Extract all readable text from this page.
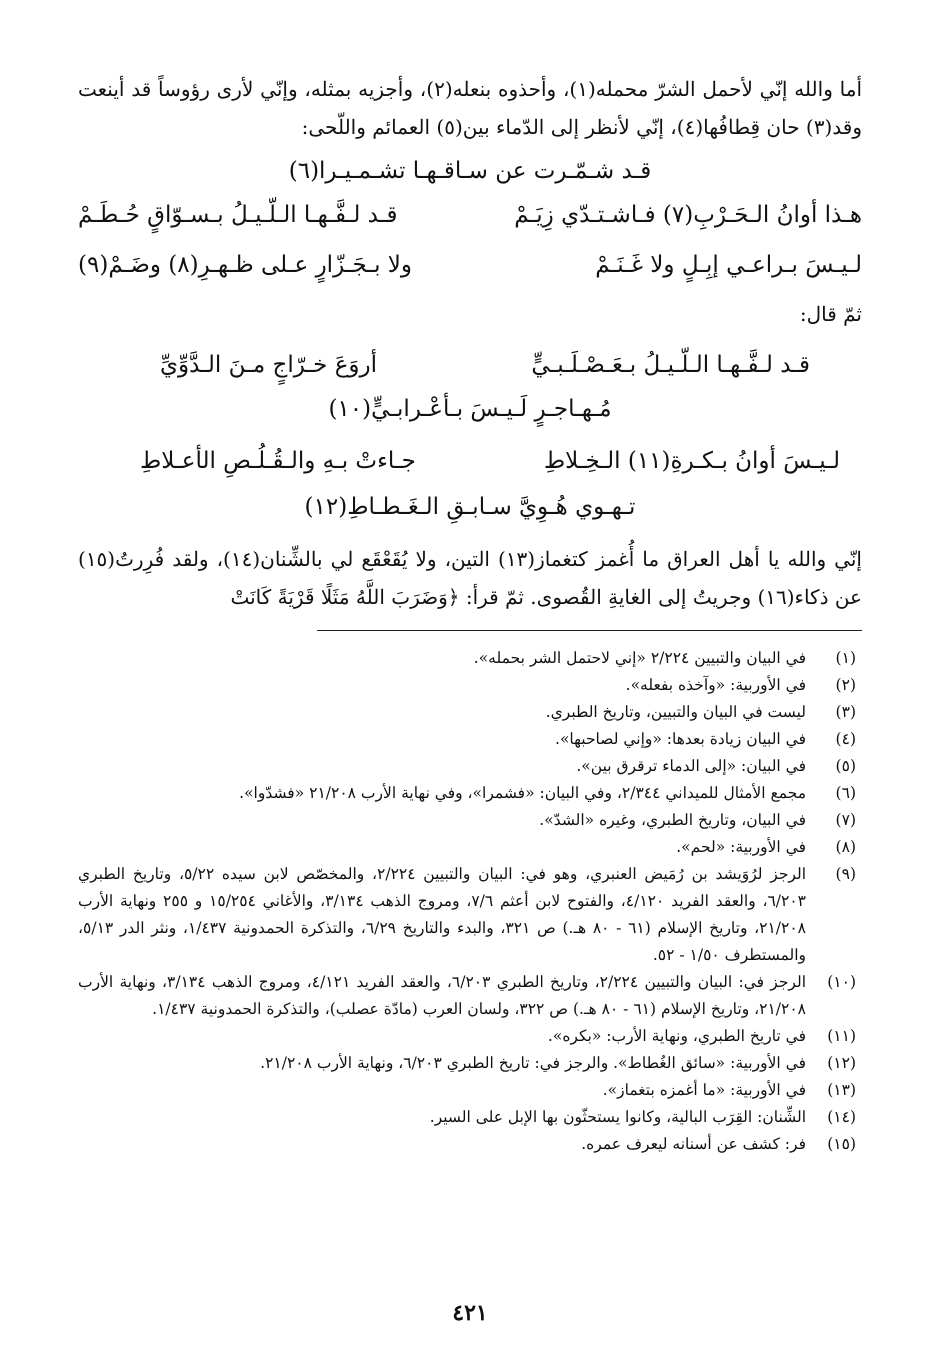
أما والله إنّي لأحمل الشرّ محمله(١)، وأحذوه بنعله(٢)، وأجزيه بمثله، وإنّي لأرى رؤوساً قد أينعت وقد(٣) حان قِطافُها(٤)، إنّي لأنظر إلى الدّماء بين(٥) العمائم واللّحى:
قـد شـمّـرت عن سـاقـهـا تشـمـيـرا(٦)
هـذا أوانُ الـحَـرْبِ(٧) فـاشـتـدّي زِيَـمْ
قـد لـفَّـهـا الـلّـيـلُ بـسـوّاقٍ حُـطَـمْ
لـيـسَ بـراعـي إبِـلٍ ولا غَـنَـمْ
ولا بـجَـزّارٍ عـلى ظـهـرِ(٨) وضَـمْ(٩)
ثمّ قال:
قـد لـفَّـهـا الـلّـيـلُ بـعَـصْـلَـبـيٍّ
أروَعَ خـرّاجٍ مـنَ الـدَّوِّيِّ
مُـهـاجـرٍ لَـيـسَ بـأعْـرابـيٍّ(١٠)
لـيـسَ أوانُ بـكـرةِ(١١) الـخِـلاطِ
جـاءتْ بـهِ والـقُـلُـصِ الأعـلاطِ
تـهـوي هُـوِيَّ سـابـقِ الـغَـطـاطِ(١٢)
إنّي والله يا أهل العراق ما أُغمز كتغماز(١٣) التين، ولا يُقَعْقَع لي بالشِّنان(١٤)، ولقد فُرِرتُ(١٥) عن ذكاء(١٦) وجريتُ إلى الغايةِ القُصوى. ثمّ قرأ: ﴿وَضَرَبَ اللَّهُ مَثَلًا قَرْيَةً كَانَتْ
(١)
في البيان والتبيين ٢/٢٢٤ «إني لاحتمل الشر بحمله».
(٢)
في الأوربية: «وآخذه بفعله».
(٣)
ليست في البيان والتبيين، وتاريخ الطبري.
(٤)
في البيان زيادة بعدها: «وإني لصاحبها».
(٥)
في البيان: «إلى الدماء ترقرق بين».
(٦)
مجمع الأمثال للميداني ٢/٣٤٤، وفي البيان: «فشمرا»، وفي نهاية الأرب ٢١/٢٠٨ «فشدّوا».
(٧)
في البيان، وتاريخ الطبري، وغيره «الشدّ».
(٨)
في الأوربية: «لحم».
(٩)
الرجز لرُوَيشد بن رُمَيض العنبري، وهو في: البيان والتبيين ٢/٢٢٤، والمخصّص لابن سيده ٥/٢٢، وتاريخ الطبري ٦/٢٠٣، والعقد الفريد ٤/١٢٠، والفتوح لابن أعثم ٧/٦، ومروج الذهب ٣/١٣٤، والأغاني ١٥/٢٥٤ و ٢٥٥ ونهاية الأرب ٢١/٢٠٨، وتاريخ الإسلام (٦١ - ٨٠ هـ.) ص ٣٢١، والبدء والتاريخ ٦/٢٩، والتذكرة الحمدونية ١/٤٣٧، ونثر الدر ٥/١٣، والمستطرف ١/٥٠ - ٥٢.
(١٠)
الرجز في: البيان والتبيين ٢/٢٢٤، وتاريخ الطبري ٦/٢٠٣، والعقد الفريد ٤/١٢١، ومروج الذهب ٣/١٣٤، ونهاية الأرب ٢١/٢٠٨، وتاريخ الإسلام (٦١ - ٨٠ هـ.) ص ٣٢٢، ولسان العرب (مادّة عصلب)، والتذكرة الحمدونية ١/٤٣٧.
(١١)
في تاريخ الطبري، ونهاية الأرب: «بكره».
(١٢)
في الأوربية: «سائق الغُطاط». والرجز في: تاريخ الطبري ٦/٢٠٣، ونهاية الأرب ٢١/٢٠٨.
(١٣)
في الأوربية: «ما أغمزه بتغماز».
(١٤)
الشِّنان: القِرَب البالية، وكانوا يستحثّون بها الإبل على السير.
(١٥)
فر: كشف عن أسنانه ليعرف عمره.
٤٢١
